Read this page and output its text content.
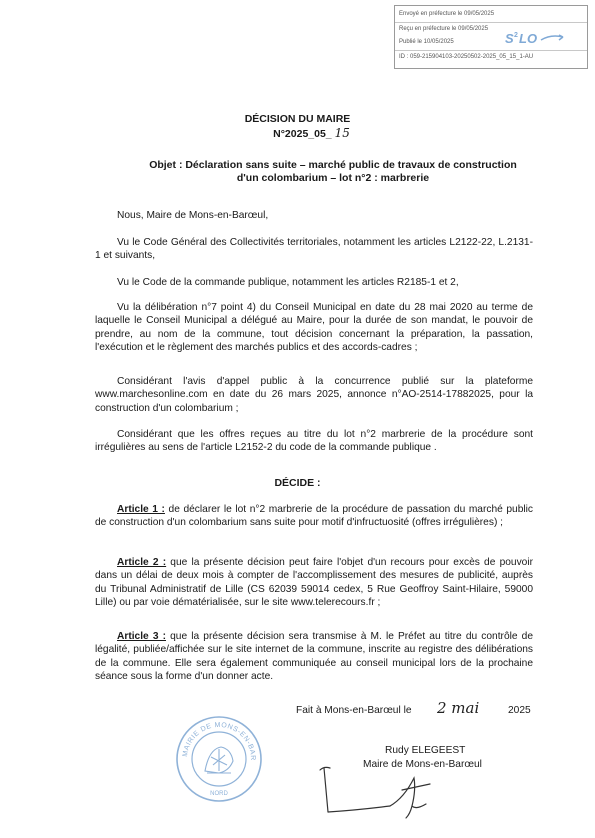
Envoyé en préfecture le 09/05/2025
Reçu en préfecture le 09/05/2025
Publié le 10/05/2025
ID : 059-215904103-20250502-2025_05_15_1-AU
S 2 LO
DÉCISION DU MAIRE
N°2025_05_ 15
Objet : Déclaration sans suite – marché public de travaux de construction
d'un colombarium – lot n°2 : marbrerie
Nous, Maire de Mons-en-Barœul,
Vu le Code Général des Collectivités territoriales, notamment les articles L2122-22, L.2131-1 et suivants,
Vu le Code de la commande publique, notamment les articles R2185-1 et 2,
Vu la délibération n°7 point 4) du Conseil Municipal en date du 28 mai 2020 au terme de laquelle le Conseil Municipal a délégué au Maire, pour la durée de son mandat, le pouvoir de prendre, au nom de la commune, tout décision concernant la préparation, la passation, l'exécution et le règlement des marchés publics et des accords-cadres ;
Considérant l'avis d'appel public à la concurrence publié sur la plateforme www.marchesonline.com en date du 26 mars 2025, annonce n°AO-2514-17882025, pour la construction d'un colombarium ;
Considérant que les offres reçues au titre du lot n°2 marbrerie de la procédure sont irrégulières au sens de l'article L2152-2 du code de la commande publique .
DÉCIDE :
Article 1 : de déclarer le lot n°2 marbrerie de la procédure de passation du marché public de construction d'un colombarium sans suite pour motif d'infructuosité (offres irrégulières) ;
Article 2 : que la présente décision peut faire l'objet d'un recours pour excès de pouvoir dans un délai de deux mois à compter de l'accomplissement des mesures de publicité, auprès du Tribunal Administratif de Lille (CS 62039 59014 cedex, 5 Rue Geoffroy Saint-Hilaire, 59000 Lille) ou par voie dématérialisée, sur le site www.telerecours.fr ;
Article 3 : que la présente décision sera transmise à M. le Préfet au titre du contrôle de légalité, publiée/affichée sur le site internet de la commune, inscrite au registre des délibérations de la commune. Elle sera également communiquée au conseil municipal lors de la prochaine séance sous la forme d'un donner acte.
Fait à Mons-en-Barœul le 2 mai	2025
Rudy ELEGEEST
Maire de Mons-en-Barœul
MAIRIE DE MONS-EN-BAR
NORD
